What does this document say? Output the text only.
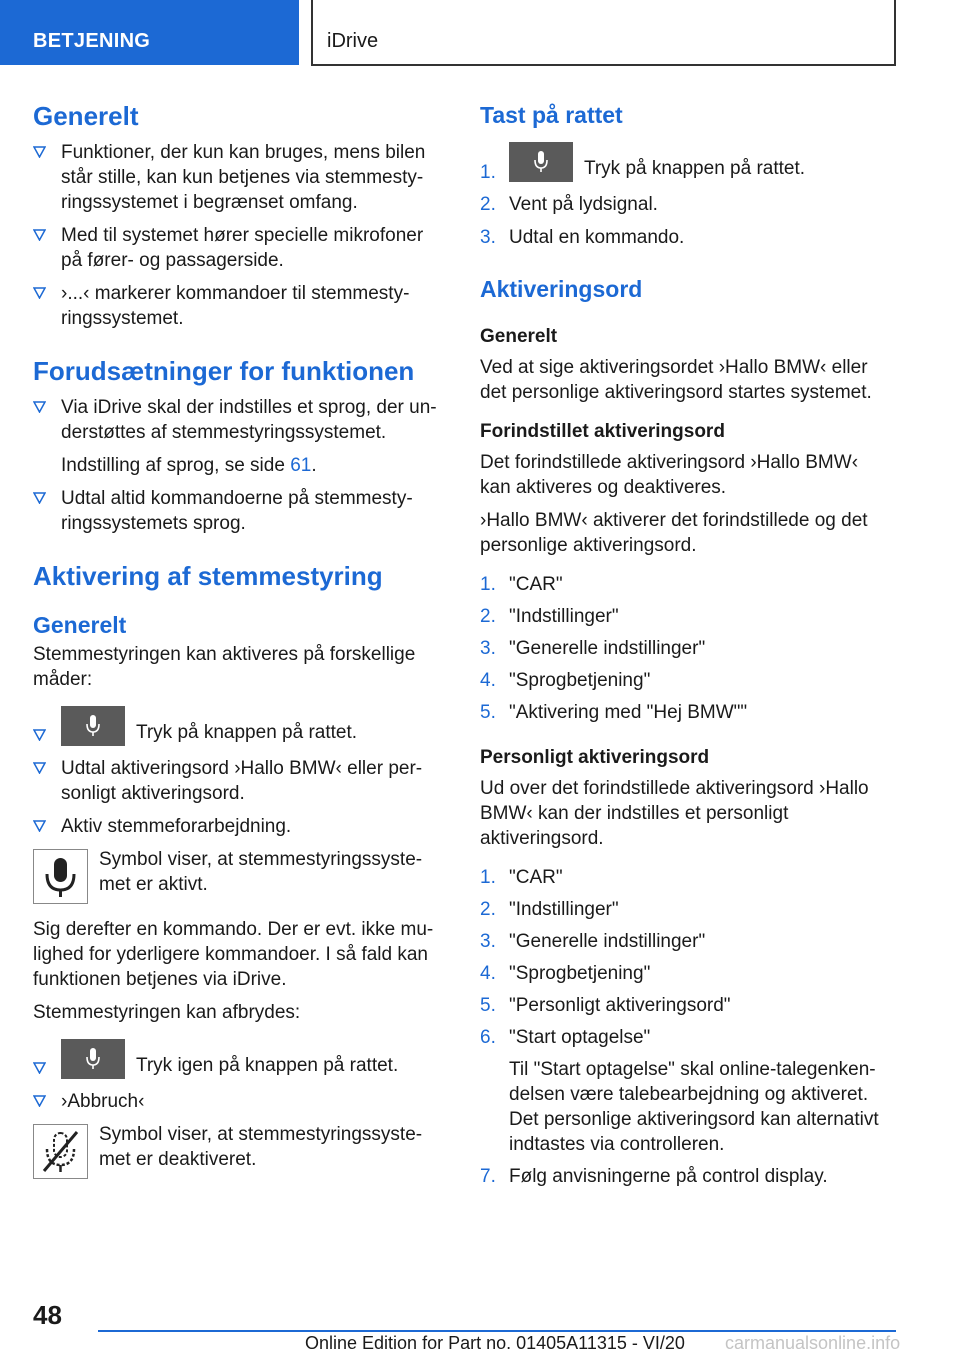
BETJENING	iDrive
Generelt
Funktioner, der kun kan bruges, mens bilen står stille, kan kun betjenes via stemmestyringssystemet i begrænset omfang.
Med til systemet hører specielle mikrofoner på fører- og passagerside.
›...‹ markerer kommandoer til stemmestyringssystemet.
Forudsætninger for funktionen
Via iDrive skal der indstilles et sprog, der understøttes af stemmestyringssystemet.
Indstilling af sprog, se side 61.
Udtal altid kommandoerne på stemmestyringssystemets sprog.
Aktivering af stemmestyring
Generelt
Stemmestyringen kan aktiveres på forskellige måder:
Tryk på knappen på rattet.
Udtal aktiveringsord ›Hallo BMW‹ eller personligt aktiveringsord.
Aktiv stemmeforarbejdning.
Symbol viser, at stemmestyringssystemet er aktivt.
Sig derefter en kommando. Der er evt. ikke mulighed for yderligere kommandoer. I så fald kan funktionen betjenes via iDrive.
Stemmestyringen kan afbrydes:
Tryk igen på knappen på rattet.
›Abbruch‹
Symbol viser, at stemmestyringssystemet er deaktiveret.
Tast på rattet
1.	Tryk på knappen på rattet.
2. Vent på lydsignal.
3. Udtal en kommando.
Aktiveringsord
Generelt
Ved at sige aktiveringsordet ›Hallo BMW‹ eller det personlige aktiveringsord startes systemet.
Forindstillet aktiveringsord
Det forindstillede aktiveringsord ›Hallo BMW‹ kan aktiveres og deaktiveres.
›Hallo BMW‹ aktiverer det forindstillede og det personlige aktiveringsord.
1. "CAR"
2. "Indstillinger"
3. "Generelle indstillinger"
4. "Sprogbetjening"
5. "Aktivering med "Hej BMW""
Personligt aktiveringsord
Ud over det forindstillede aktiveringsord ›Hallo BMW‹ kan der indstilles et personligt aktiveringsord.
1. "CAR"
2. "Indstillinger"
3. "Generelle indstillinger"
4. "Sprogbetjening"
5. "Personligt aktiveringsord"
6. "Start optagelse"
Til "Start optagelse" skal online-talegenkendelsen være talebearbejdning og aktiveret. Det personlige aktiveringsord kan alternativt indtastes via controlleren.
7. Følg anvisningerne på control display.
48
Online Edition for Part no. 01405A11315 - VI/20 carmanualsonline.info
